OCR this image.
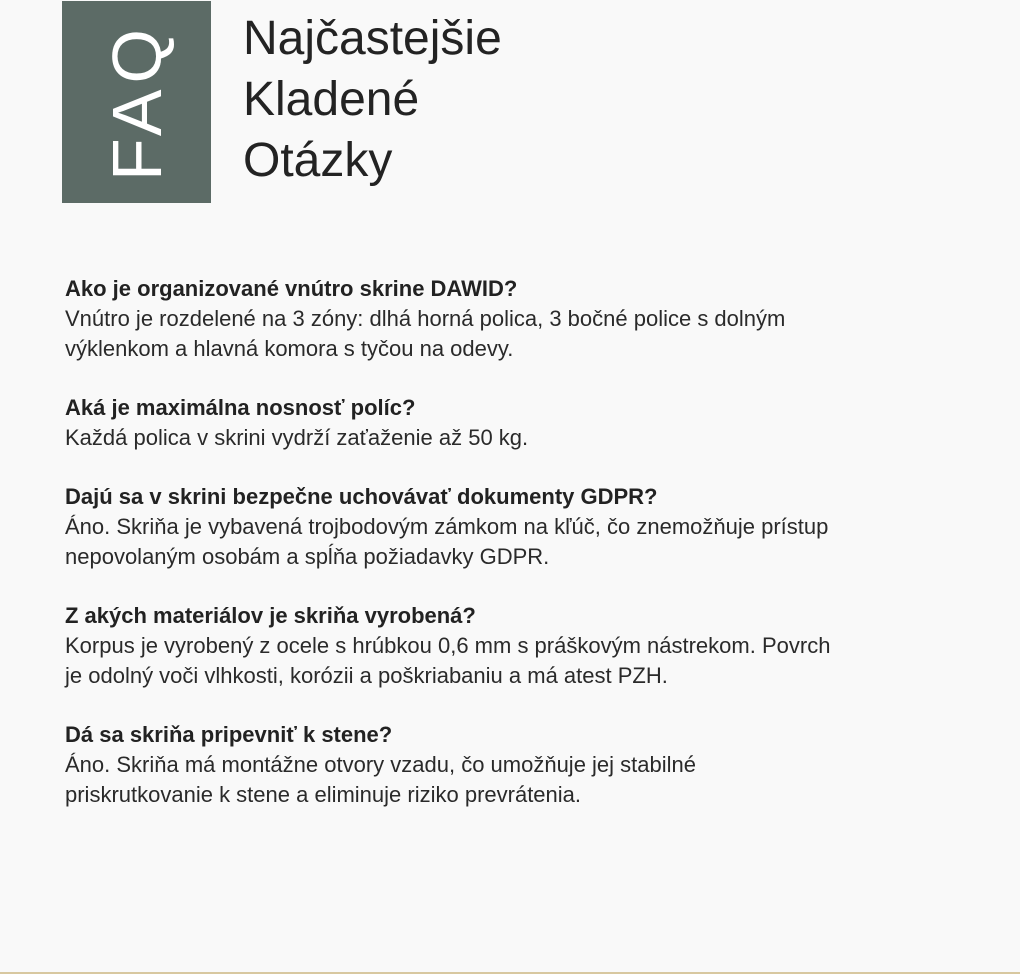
FAQ Najčastejšie
Kladené
Otázky
Ako je organizované vnútro skrine DAWID?
Vnútro je rozdelené na 3 zóny: dlhá horná polica, 3 bočné police s dolným
výklenkom a hlavná komora s tyčou na odevy.
Aká je maximálna nosnosť políc?
Každá polica v skrini vydrží zaťaženie až 50 kg.
Dajú sa v skrini bezpečne uchovávať dokumenty GDPR?
Áno. Skriňa je vybavená trojbodovým zámkom na kľúč, čo znemožňuje prístup
nepovolaným osobám a spĺňa požiadavky GDPR.
Z akých materiálov je skriňa vyrobená?
Korpus je vyrobený z ocele s hrúbkou 0,6 mm s práškovým nástrekom. Povrch
je odolný voči vlhkosti, korózii a poškriabaniu a má atest PZH.
Dá sa skriňa pripevniť k stene?
Áno. Skriňa má montážne otvory vzadu, čo umožňuje jej stabilné
priskrutkovanie k stene a eliminuje riziko prevrátenia.
